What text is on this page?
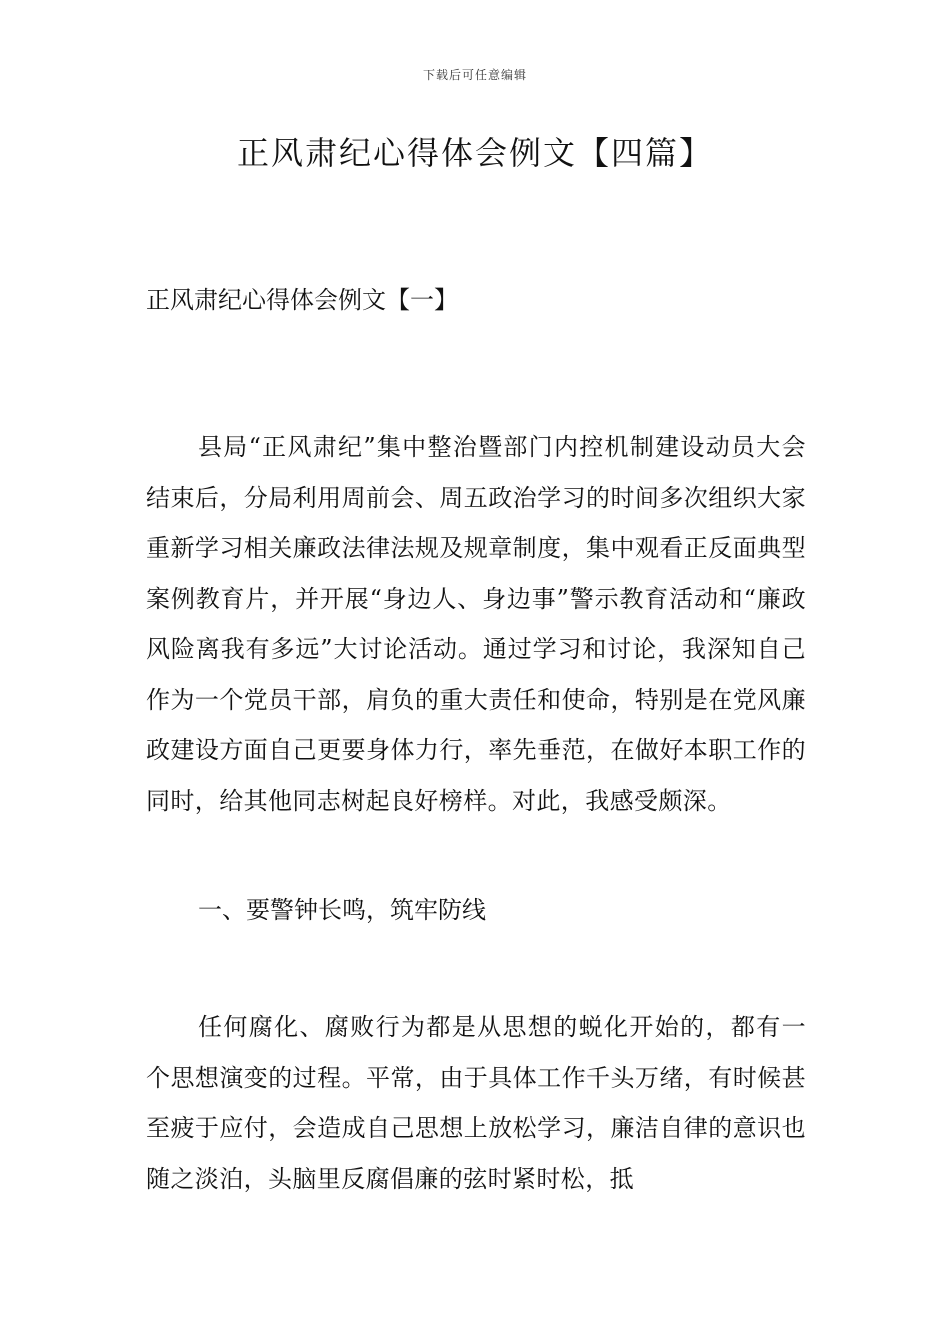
下载后可任意编辑
正风肃纪心得体会例文【四篇】

正风肃纪心得体会例文【一】

县局“正风肃纪”集中整治暨部门内控机制建设动员大会结束后，分局利用周前会、周五政治学习的时间多次组织大家重新学习相关廉政法律法规及规章制度，集中观看正反面典型案例教育片，并开展“身边人、身边事”警示教育活动和“廉政风险离我有多远”大讨论活动。通过学习和讨论，我深知自己作为一个党员干部，肩负的重大责任和使命，特别是在党风廉政建设方面自己更要身体力行，率先垂范，在做好本职工作的同时，给其他同志树起良好榜样。对此，我感受颇深。

一、要警钟长鸣，筑牢防线

任何腐化、腐败行为都是从思想的蜕化开始的，都有一个思想演变的过程。平常，由于具体工作千头万绪，有时候甚至疲于应付，会造成自己思想上放松学习，廉洁自律的意识也随之淡泊，头脑里反腐倡廉的弦时紧时松，抵
